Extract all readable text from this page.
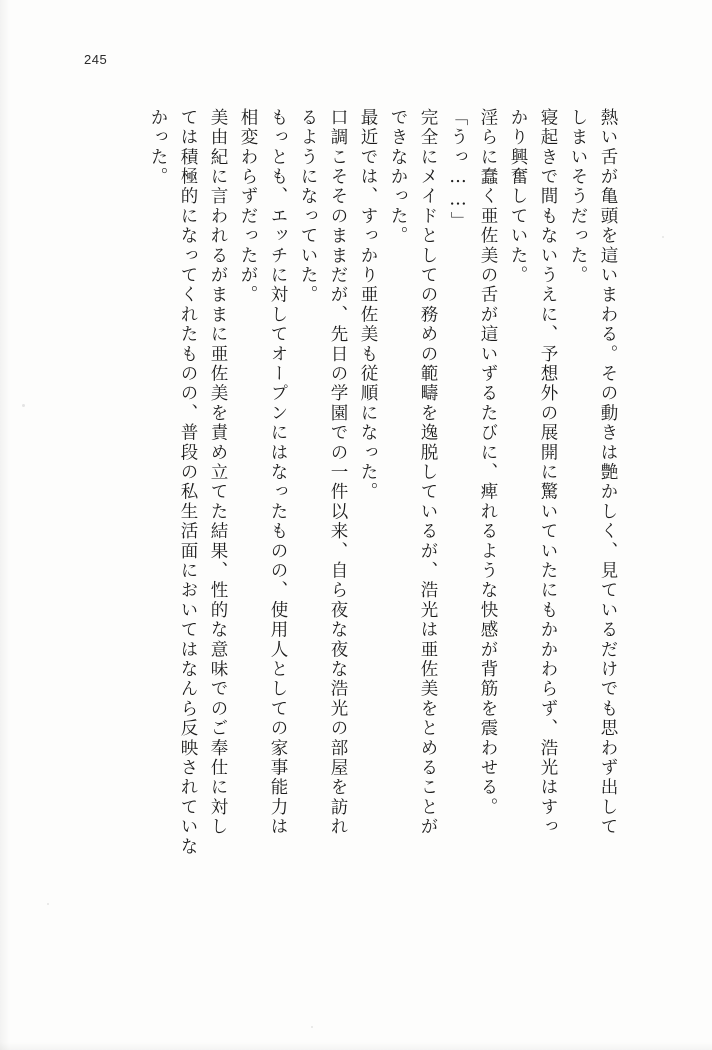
245
熱い舌が亀頭を這いまわる。その動きは艶かしく、見ているだけでも思わず出して
しまいそうだった。
寝起きで間もないうえに、予想外の展開に驚いていたにもかかわらず、浩光はすっ
かり興奮していた。
淫らに蠢く亜佐美の舌が這いずるたびに、痺れるような快感が背筋を震わせる。
「うっ……」
完全にメイドとしての務めの範疇を逸脱しているが、浩光は亜佐美をとめることが
できなかった。
最近では、すっかり亜佐美も従順になった。
口調こそそのままだが、先日の学園での一件以来、自ら夜な夜な浩光の部屋を訪れ
るようになっていた。
もっとも、エッチに対してオープンにはなったものの、使用人としての家事能力は
相変わらずだったが。
美由紀に言われるがままに亜佐美を責め立てた結果、性的な意味でのご奉仕に対し
ては積極的になってくれたものの、普段の私生活面においてはなんら反映されていな
かった。
